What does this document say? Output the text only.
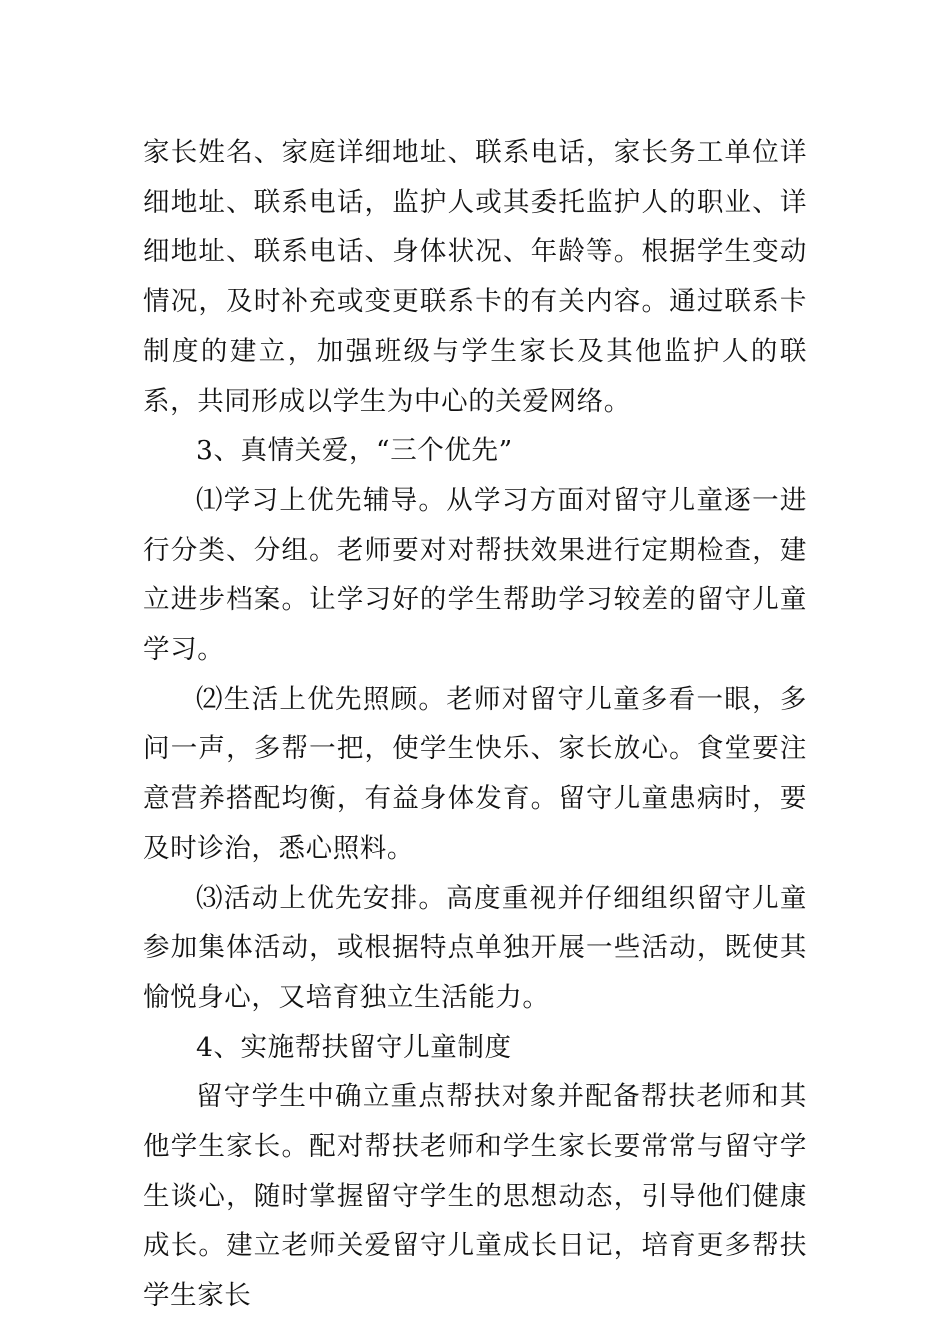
家长姓名、家庭详细地址、联系电话，家长务工单位详细地址、联系电话，监护人或其委托监护人的职业、详细地址、联系电话、身体状况、年龄等。根据学生变动情况，及时补充或变更联系卡的有关内容。通过联系卡制度的建立，加强班级与学生家长及其他监护人的联系，共同形成以学生为中心的关爱网络。

3、真情关爱，“三个优先”

⑴学习上优先辅导。从学习方面对留守儿童逐一进行分类、分组。老师要对对帮扶效果进行定期检查，建立进步档案。让学习好的学生帮助学习较差的留守儿童学习。

⑵生活上优先照顾。老师对留守儿童多看一眼，多问一声，多帮一把，使学生快乐、家长放心。食堂要注意营养搭配均衡，有益身体发育。留守儿童患病时，要及时诊治，悉心照料。

⑶活动上优先安排。高度重视并仔细组织留守儿童参加集体活动，或根据特点单独开展一些活动，既使其愉悦身心，又培育独立生活能力。

4、实施帮扶留守儿童制度

留守学生中确立重点帮扶对象并配备帮扶老师和其他学生家长。配对帮扶老师和学生家长要常常与留守学生谈心，随时掌握留守学生的思想动态，引导他们健康成长。建立老师关爱留守儿童成长日记，培育更多帮扶学生家长
